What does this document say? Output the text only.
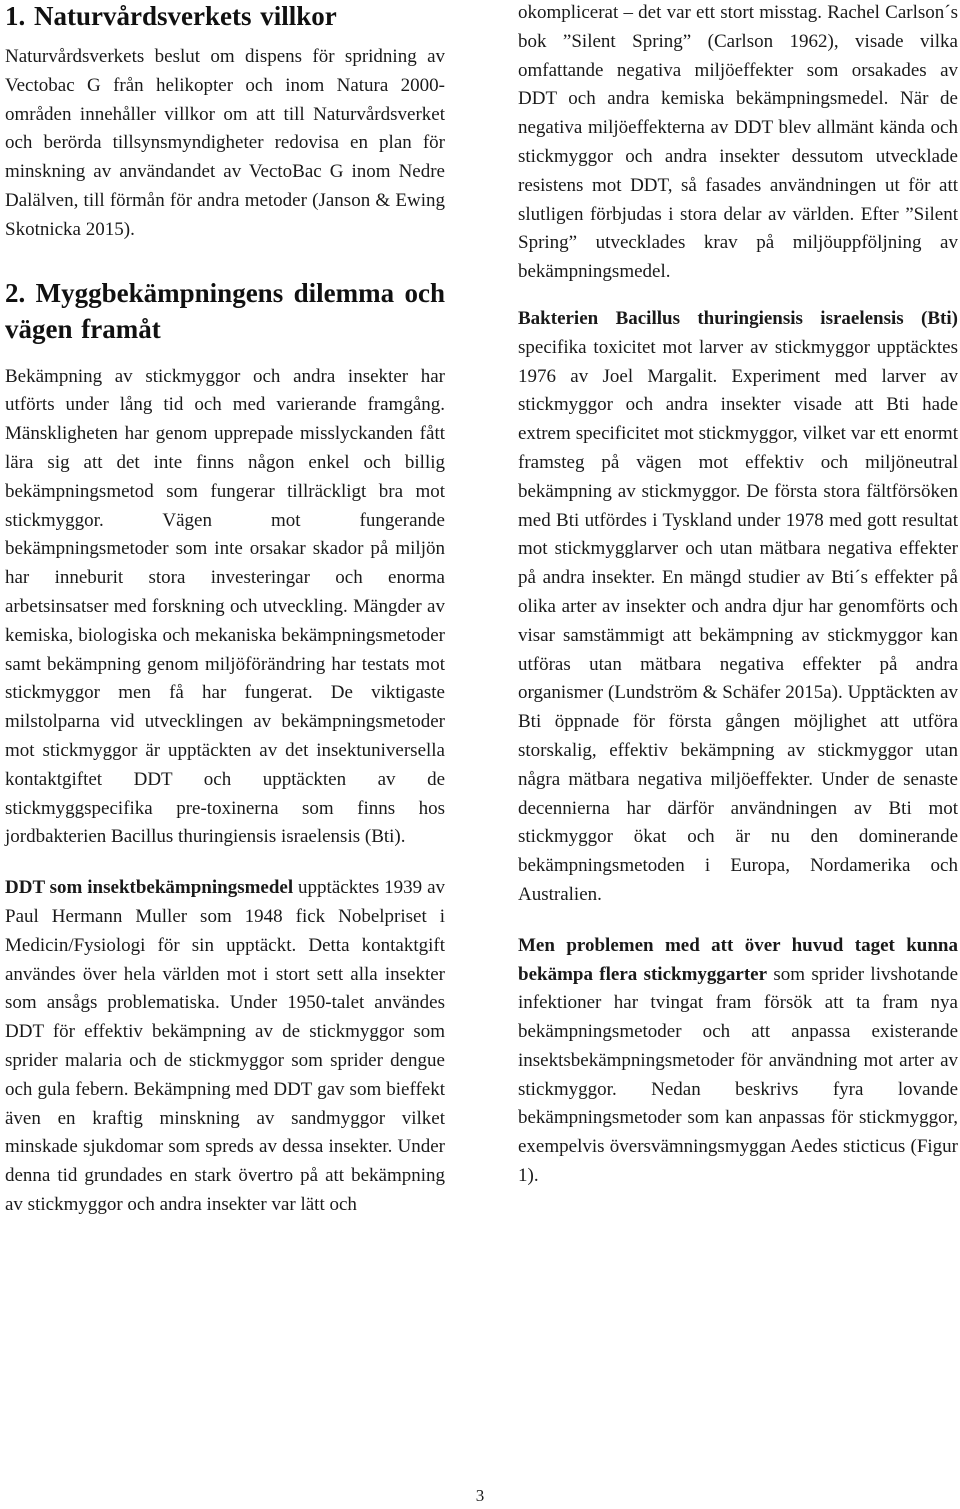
1. Naturvårdsverkets villkor

Naturvårdsverkets beslut om dispens för spridning av Vectobac G från helikopter och inom Natura 2000-områden innehåller villkor om att till Naturvårdsverket och berörda tillsynsmyndigheter redovisa en plan för minskning av användandet av VectoBac G inom Nedre Dalälven, till förmån för andra metoder (Janson & Ewing Skotnicka 2015).

2. Myggbekämpningens dilemma och vägen framåt

Bekämpning av stickmyggor och andra insekter har utförts under lång tid och med varierande framgång. Mänskligheten har genom upprepade misslyckanden fått lära sig att det inte finns någon enkel och billig bekämpningsmetod som fungerar tillräckligt bra mot stickmyggor. Vägen mot fungerande bekämpningsmetoder som inte orsakar skador på miljön har inneburit stora investeringar och enorma arbetsinsatser med forskning och utveckling. Mängder av kemiska, biologiska och mekaniska bekämpningsmetoder samt bekämpning genom miljöförändring har testats mot stickmyggor men få har fungerat. De viktigaste milstolparna vid utvecklingen av bekämpningsmetoder mot stickmyggor är upptäckten av det insektuniversella kontaktgiftet DDT och upptäckten av de stickmyggspecifika pre-toxinerna som finns hos jordbakterien Bacillus thuringiensis israelensis (Bti).

DDT som insektbekämpningsmedel upptäcktes 1939 av Paul Hermann Muller som 1948 fick Nobelpriset i Medicin/Fysiologi för sin upptäckt. Detta kontaktgift användes över hela världen mot i stort sett alla insekter som ansågs problematiska. Under 1950-talet användes DDT för effektiv bekämpning av de stickmyggor som sprider malaria och de stickmyggor som sprider dengue och gula febern. Bekämpning med DDT gav som bieffekt även en kraftig minskning av sandmyggor vilket minskade sjukdomar som spreds av dessa insekter. Under denna tid grundades en stark övertro på att bekämpning av stickmyggor och andra insekter var lätt och

okomplicerat – det var ett stort misstag. Rachel Carlson´s bok ”Silent Spring” (Carlson 1962), visade vilka omfattande negativa miljöeffekter som orsakades av DDT och andra kemiska bekämpningsmedel. När de negativa miljöeffekterna av DDT blev allmänt kända och stickmyggor och andra insekter dessutom utvecklade resistens mot DDT, så fasades användningen ut för att slutligen förbjudas i stora delar av världen. Efter ”Silent Spring” utvecklades krav på miljöuppföljning av bekämpningsmedel.

Bakterien Bacillus thuringiensis israelensis (Bti) specifika toxicitet mot larver av stickmyggor upptäcktes 1976 av Joel Margalit. Experiment med larver av stickmyggor och andra insekter visade att Bti hade extrem specificitet mot stickmyggor, vilket var ett enormt framsteg på vägen mot effektiv och miljöneutral bekämpning av stickmyggor. De första stora fältförsöken med Bti utfördes i Tyskland under 1978 med gott resultat mot stickmygglarver och utan mätbara negativa effekter på andra insekter. En mängd studier av Bti´s effekter på olika arter av insekter och andra djur har genomförts och visar samstämmigt att bekämpning av stickmyggor kan utföras utan mätbara negativa effekter på andra organismer (Lundström & Schäfer 2015a). Upptäckten av Bti öppnade för första gången möjlighet att utföra storskalig, effektiv bekämpning av stickmyggor utan några mätbara negativa miljöeffekter. Under de senaste decennierna har därför användningen av Bti mot stickmyggor ökat och är nu den dominerande bekämpningsmetoden i Europa, Nordamerika och Australien.

Men problemen med att över huvud taget kunna bekämpa flera stickmyggarter som sprider livshotande infektioner har tvingat fram försök att ta fram nya bekämpningsmetoder och att anpassa existerande insektsbekämpningsmetoder för användning mot arter av stickmyggor. Nedan beskrivs fyra lovande bekämpningsmetoder som kan anpassas för stickmyggor, exempelvis översvämningsmyggan Aedes sticticus (Figur 1).

3
